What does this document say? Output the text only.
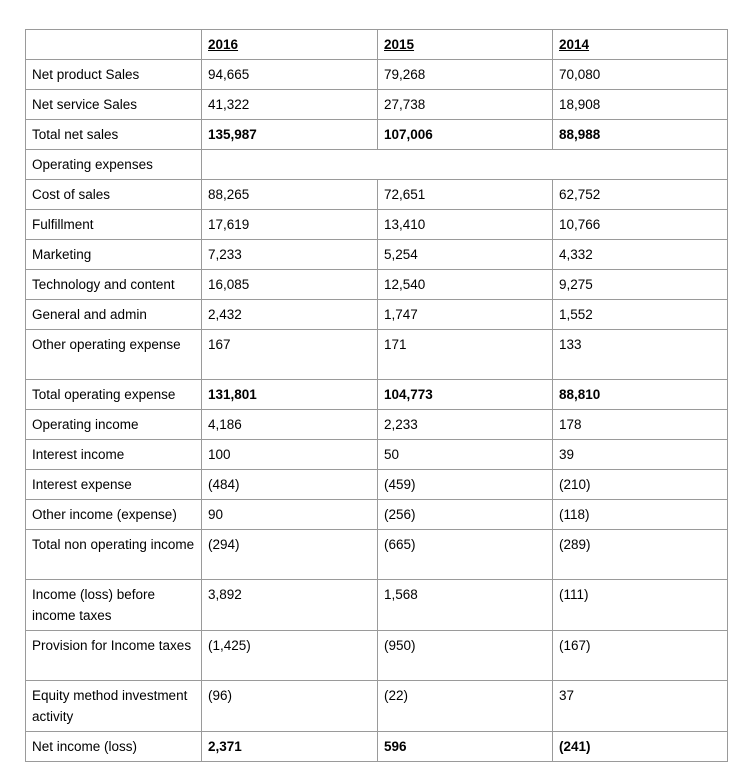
	2016	2015	2014
Net product Sales	94,665	79,268	70,080
Net service Sales	41,322	27,738	18,908
Total net sales	135,987	107,006	88,988
Operating expenses			
Cost of sales	88,265	72,651	62,752
Fulfillment	17,619	13,410	10,766
Marketing	7,233	5,254	4,332
Technology and content	16,085	12,540	9,275
General and admin	2,432	1,747	1,552
Other operating expense	167	171	133
Total operating expense	131,801	104,773	88,810
Operating income	4,186	2,233	178
Interest income	100	50	39
Interest expense	(484)	(459)	(210)
Other income (expense)	90	(256)	(118)
Total non operating income	(294)	(665)	(289)
Income (loss) before income taxes	3,892	1,568	(111)
Provision for Income taxes	(1,425)	(950)	(167)
Equity method investment activity	(96)	(22)	37
Net income (loss)	2,371	596	(241)
